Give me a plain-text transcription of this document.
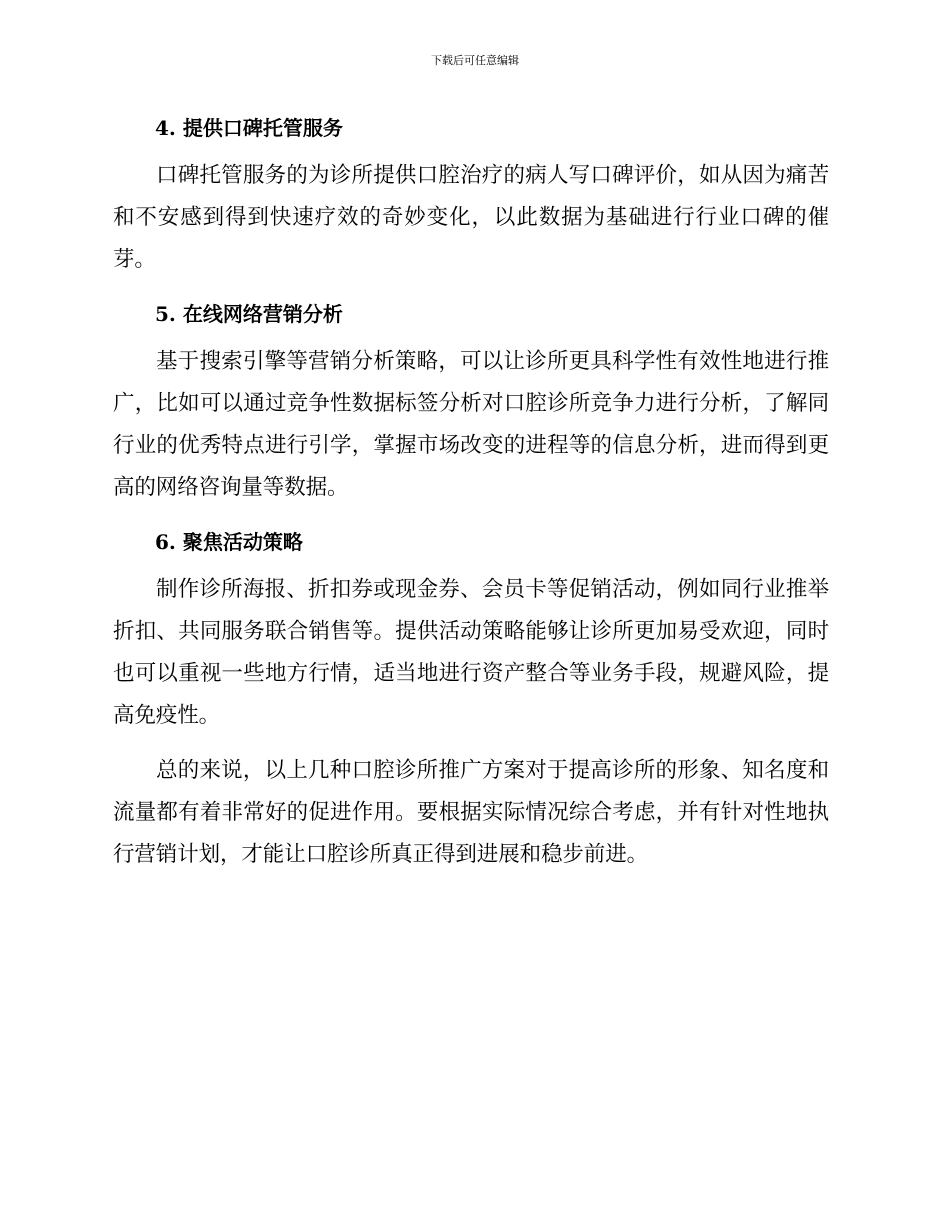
下载后可任意编辑
4. 提供口碑托管服务
口碑托管服务的为诊所提供口腔治疗的病人写口碑评价，如从因为痛苦和不安感到得到快速疗效的奇妙变化，以此数据为基础进行行业口碑的催芽。
5. 在线网络营销分析
基于搜索引擎等营销分析策略，可以让诊所更具科学性有效性地进行推广，比如可以通过竞争性数据标签分析对口腔诊所竞争力进行分析，了解同行业的优秀特点进行引学，掌握市场改变的进程等的信息分析，进而得到更高的网络咨询量等数据。
6. 聚焦活动策略
制作诊所海报、折扣券或现金券、会员卡等促销活动，例如同行业推举折扣、共同服务联合销售等。提供活动策略能够让诊所更加易受欢迎，同时也可以重视一些地方行情，适当地进行资产整合等业务手段，规避风险，提高免疫性。
总的来说，以上几种口腔诊所推广方案对于提高诊所的形象、知名度和流量都有着非常好的促进作用。要根据实际情况综合考虑，并有针对性地执行营销计划，才能让口腔诊所真正得到进展和稳步前进。
